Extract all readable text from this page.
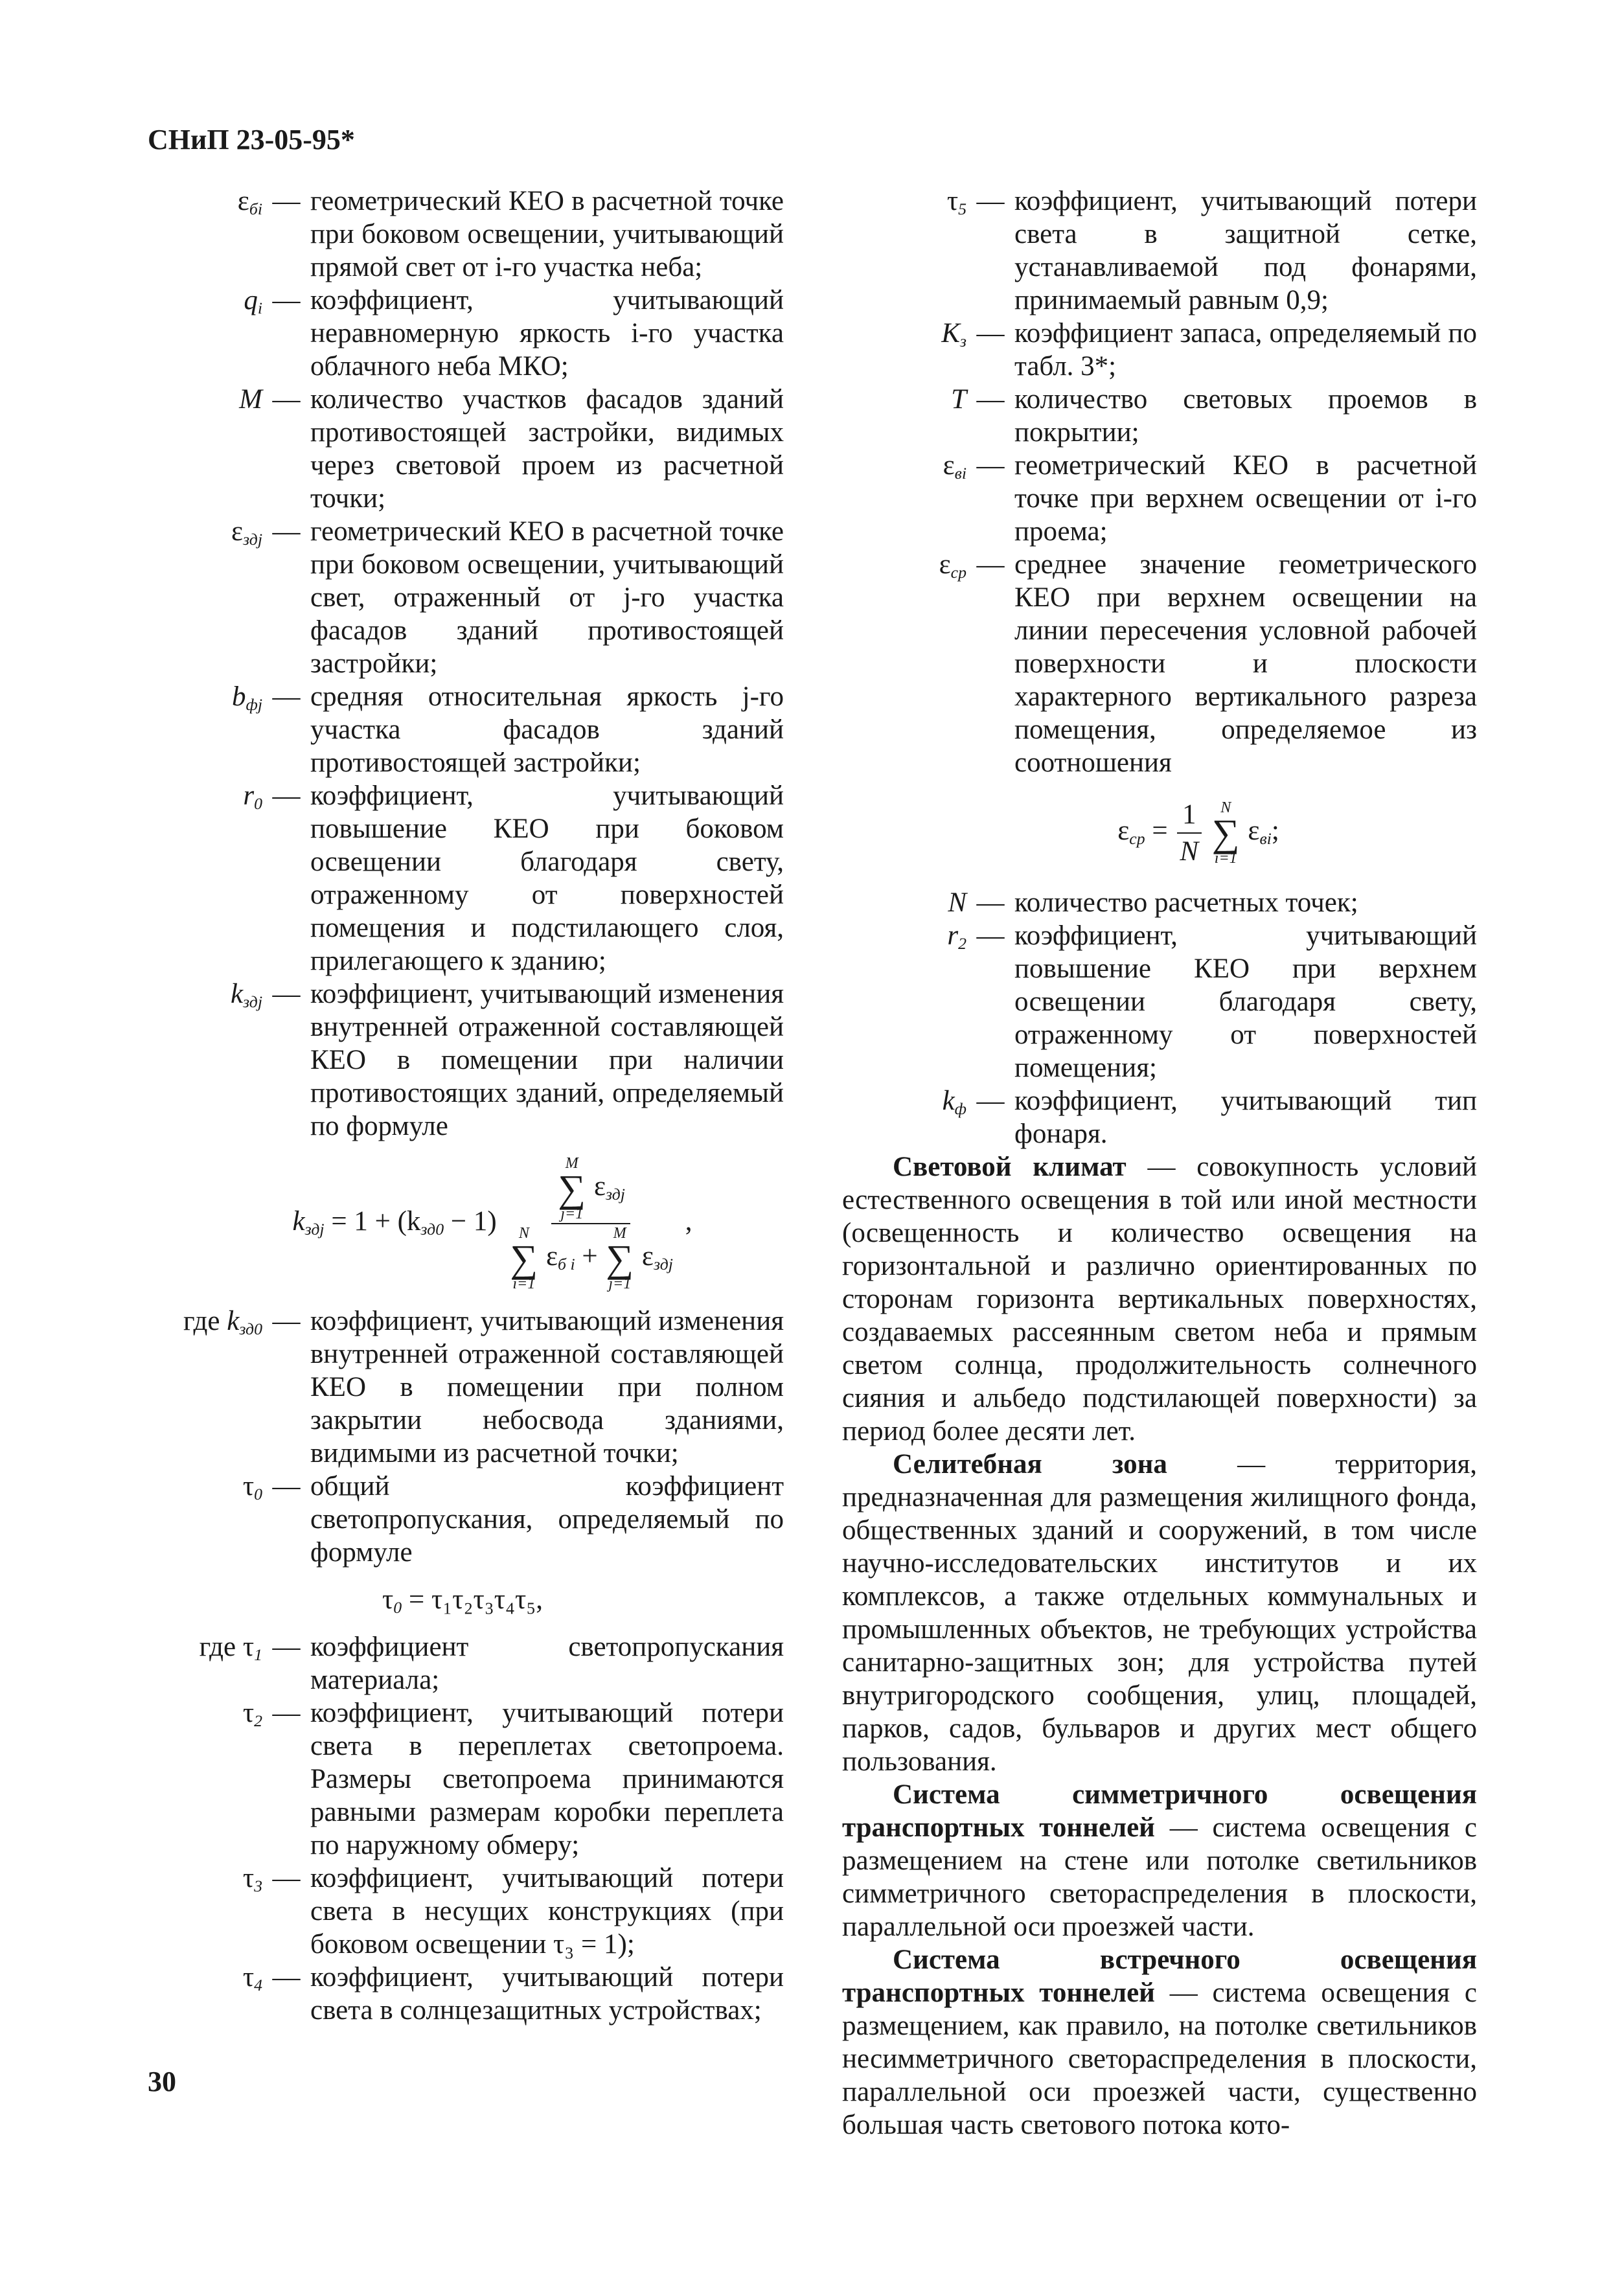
СНиП 23-05-95*
$\varepsilon_{бi}$ — геометрический КЕО в расчетной точке при боковом освещении, учитывающий прямой свет от i-го участка неба;
$q_i$ — коэффициент, учитывающий неравномерную яркость i-го участка облачного неба МКО;
M — количество участков фасадов зданий противостоящей застройки, видимых через световой проем из расчетной точки;
$\varepsilon_{здj}$ — геометрический КЕО в расчетной точке при боковом освещении, учитывающий свет, отраженный от j-го участка фасадов зданий противостоящей застройки;
$b_{фj}$ — средняя относительная яркость j-го участка фасадов зданий противостоящей застройки;
$r_0$ — коэффициент, учитывающий повышение КЕО при боковом освещении благодаря свету, отраженному от поверхностей помещения и подстилающего слоя, прилегающего к зданию;
$k_{здj}$ — коэффициент, учитывающий изменения внутренней отраженной составляющей КЕО в помещении при наличии противостоящих зданий, определяемый по формуле
$k_{здj} = 1 + (k_{зд0} - 1)$
M
∑
j=1
$\varepsilon_{здj}$
N
∑
i=1
$\varepsilon_{б i}$ +
M
∑
j=1
$\varepsilon_{здj}$
,
где $k_{зд0}$ — коэффициент, учитывающий изменения внутренней отраженной составляющей КЕО в помещении при полном закрытии небосвода зданиями, видимыми из расчетной точки;
$\tau_0$ — общий коэффициент светопропускания, определяемый по формуле
$\tau_0 = \tau_1\tau_2\tau_3\tau_4\tau_5$,
где $\tau_1$ — коэффициент светопропускания материала;
$\tau_2$ — коэффициент, учитывающий потери света в переплетах светопроема. Размеры светопроема принимаются равными размерам коробки переплета по наружному обмеру;
$\tau_3$ — коэффициент, учитывающий потери света в несущих конструкциях (при боковом освещении τ₃ = 1);
$\tau_4$ — коэффициент, учитывающий потери света в солнцезащитных устройствах;
$\tau_5$ — коэффициент, учитывающий потери света в защитной сетке, устанавливаемой под фонарями, принимаемый равным 0,9;
$K_з$ — коэффициент запаса, определяемый по табл. 3*;
T — количество световых проемов в покрытии;
$\varepsilon_{вi}$ — геометрический КЕО в расчетной точке при верхнем освещении от i-го проема;
$\varepsilon_{ср}$ — среднее значение геометрического КЕО при верхнем освещении на линии пересечения условной рабочей поверхности и плоскости характерного вертикального разреза помещения, определяемое из соотношения
$\varepsilon_{ср} = \frac{1}{N}$
N
∑
i=1
$\varepsilon_{вi}$;
N — количество расчетных точек;
$r_2$ — коэффициент, учитывающий повышение КЕО при верхнем освещении благодаря свету, отраженному от поверхностей помещения;
$k_ф$ — коэффициент, учитывающий тип фонаря.
Световой климат — совокупность условий естественного освещения в той или иной местности (освещенность и количество освещения на горизонтальной и различно ориентированных по сторонам горизонта вертикальных поверхностях, создаваемых рассеянным светом неба и прямым светом солнца, продолжительность солнечного сияния и альбедо подстилающей поверхности) за период более десяти лет.
Селитебная зона — территория, предназначенная для размещения жилищного фонда, общественных зданий и сооружений, в том числе научно-исследовательских институтов и их комплексов, а также отдельных коммунальных и промышленных объектов, не требующих устройства санитарно-защитных зон; для устройства путей внутригородского сообщения, улиц, площадей, парков, садов, бульваров и других мест общего пользования.
Система симметричного освещения транспортных тоннелей — система освещения с размещением на стене или потолке светильников симметричного светораспределения в плоскости, параллельной оси проезжей части.
Система встречного освещения транспортных тоннелей — система освещения с размещением, как правило, на потолке светильников несимметричного светораспределения в плоскости, параллельной оси проезжей части, существенно большая часть светового потока кото-
30
